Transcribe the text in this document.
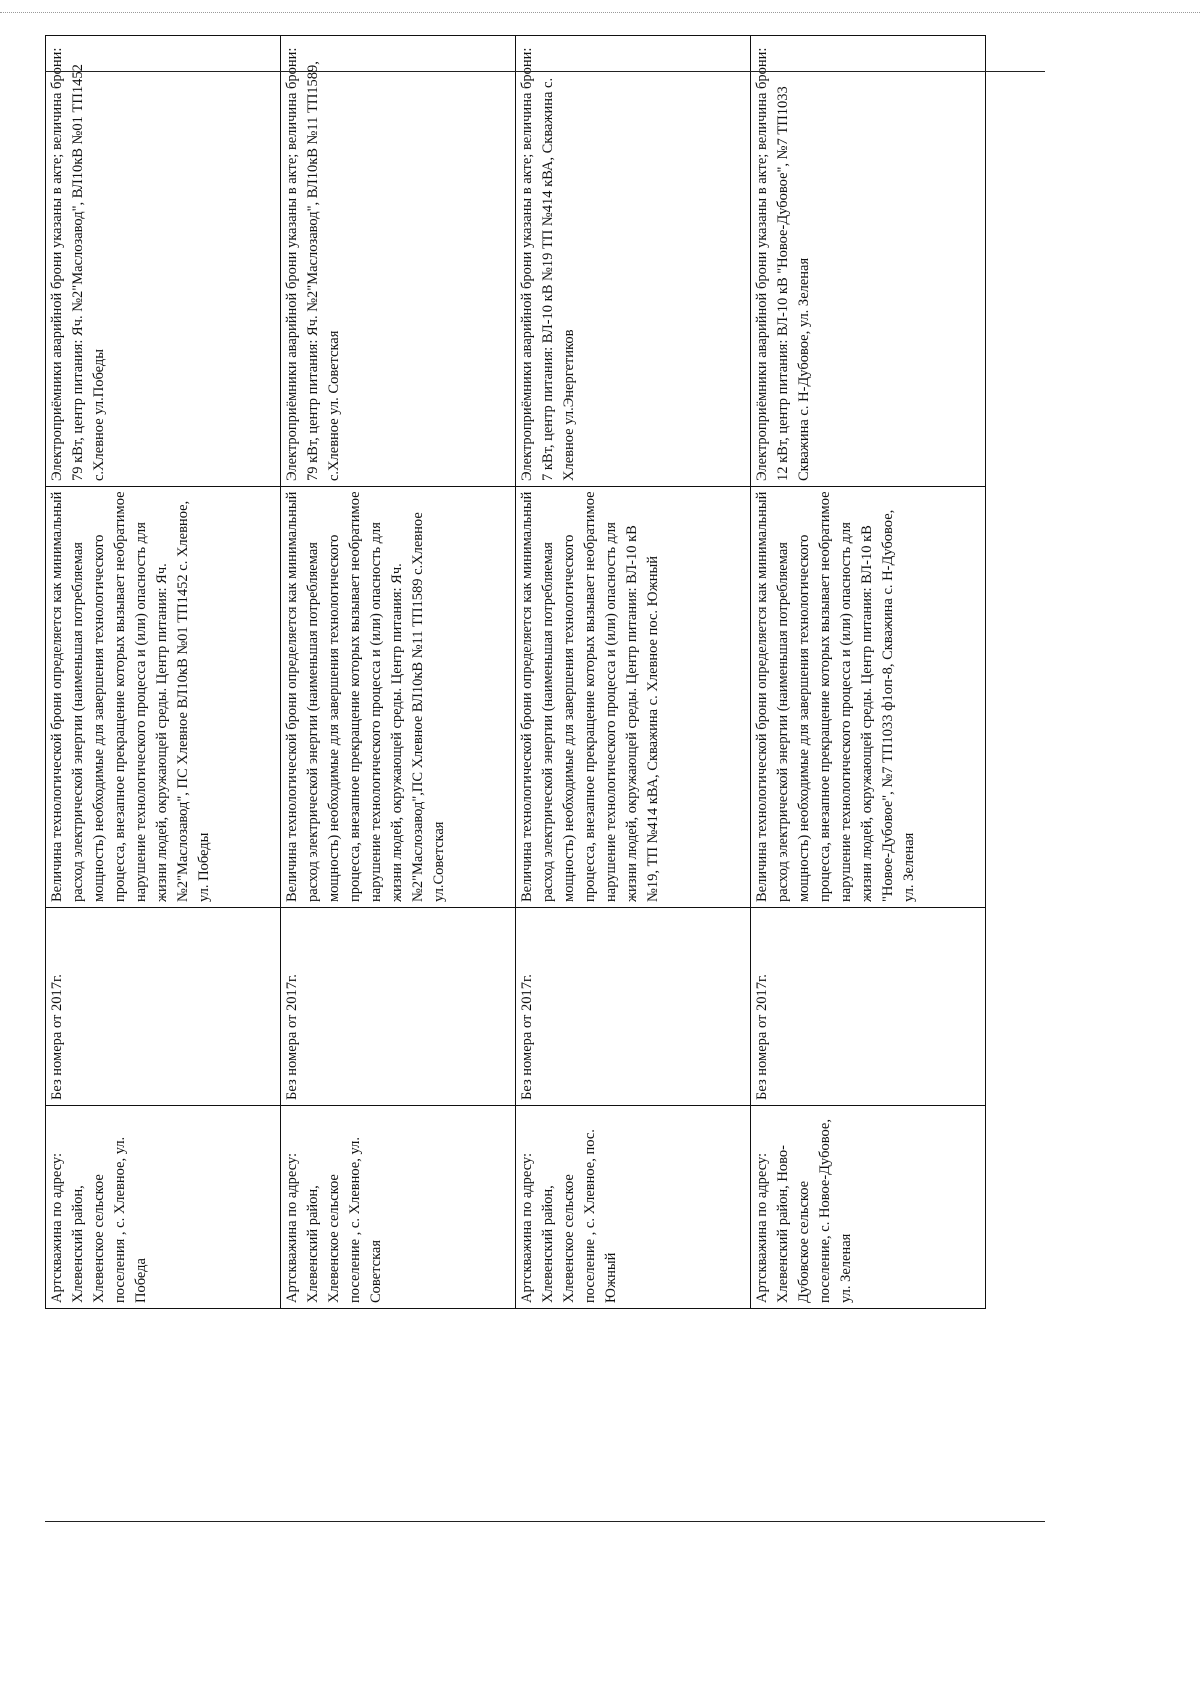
Артскважина по адресу: Хлевенский район, Хлевенское сельское поселения , с. Хлевное, ул. Победа	Без номера от 2017г.	Величина технологической брони определяется как минимальный расход электрической энергии (наименьшая потребляемая мощность) необходимые для завершения технологического процесса, внезапное прекращение которых вызывает необратимое нарушение технологического процесса и (или) опасность для жизни людей, окружающей среды. Центр питания: Яч. №2"Маслозавод", ПС Хлевное ВЛ10кВ №01 ТП1452 с. Хлевное, ул. Победы	Электроприёмники аварийной брони указаны в акте; величина брони: 79 кВт, центр питания: Яч. №2"Маслозавод", ВЛ10кВ №01 ТП1452 с.Хлевное ул.Победы
Артскважина по адресу: Хлевенский район, Хлевенское сельское поселение , с. Хлевное, ул. Советская	Без номера от 2017г.	Величина технологической брони определяется как минимальный расход электрической энергии (наименьшая потребляемая мощность) необходимые для завершения технологического процесса, внезапное прекращение которых вызывает необратимое нарушение технологического процесса и (или) опасность для жизни людей, окружающей среды. Центр питания: Яч. №2"Маслозавод",ПС Хлевное ВЛ10кВ №11 ТП1589 с.Хлевное ул.Советская	Электроприёмники аварийной брони указаны в акте; величина брони: 79 кВт, центр питания: Яч. №2"Маслозавод", ВЛ10кВ №11 ТП1589, с.Хлевное ул. Советская
Артскважина по адресу: Хлевенский район, Хлевенское сельское поселение , с. Хлевное, пос. Южный	Без номера от 2017г.	Величина технологической брони определяется как минимальный расход электрической энергии (наименьшая потребляемая мощность) необходимые для завершения технологического процесса, внезапное прекращение которых вызывает необратимое нарушение технологического процесса и (или) опасность для жизни людей, окружающей среды. Центр питания: ВЛ-10 кВ №19, ТП №414 кВА, Скважина с. Хлевное пос. Южный	Электроприёмники аварийной брони указаны в акте; величина брони: 7 кВт, центр питания: ВЛ-10 кВ №19 ТП №414 кВА, Скважина с. Хлевное ул.Энергетиков
Артскважина по адресу: Хлевенский район, Ново-Дубовское сельское поселение, с. Новое-Дубовое, ул. Зеленая	Без номера от 2017г.	Величина технологической брони определяется как минимальный расход электрической энергии (наименьшая потребляемая мощность) необходимые для завершения технологического процесса, внезапное прекращение которых вызывает необратимое нарушение технологического процесса и (или) опасность для жизни людей, окружающей среды. Центр питания: ВЛ-10 кВ "Новое-Дубовое", №7 ТП1033 ф1оп-8, Скважина с. Н-Дубовое, ул. Зеленая	Электроприёмники аварийной брони указаны в акте; величина брони: 12 кВт, центр питания: ВЛ-10 кВ "Новое-Дубовое", №7 ТП1033 Скважина с. Н-Дубовое, ул. Зеленая
